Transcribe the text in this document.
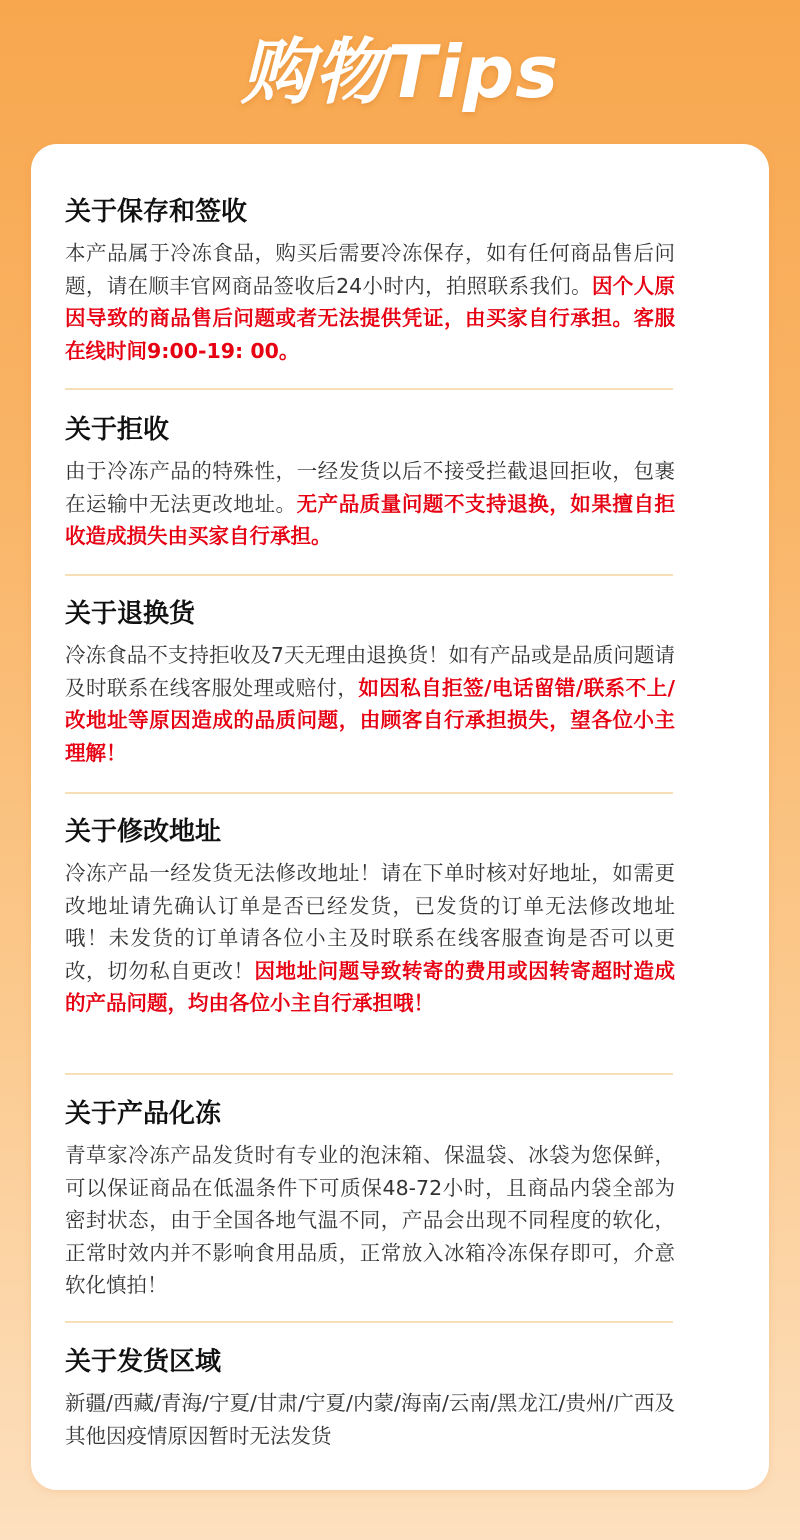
购物Tips
关于保存和签收
本产品属于冷冻食品，购买后需要冷冻保存，如有任何商品售后问题，请在顺丰官网商品签收后24小时内，拍照联系我们。因个人原因导致的商品售后问题或者无法提供凭证，由买家自行承担。客服在线时间9:00-19: 00。
关于拒收
由于冷冻产品的特殊性，一经发货以后不接受拦截退回拒收，包裹在运输中无法更改地址。无产品质量问题不支持退换，如果擅自拒收造成损失由买家自行承担。
关于退换货
冷冻食品不支持拒收及7天无理由退换货！如有产品或是品质问题请及时联系在线客服处理或赔付，如因私自拒签/电话留错/联系不上/改地址等原因造成的品质问题，由顾客自行承担损失，望各位小主理解！
关于修改地址
冷冻产品一经发货无法修改地址！请在下单时核对好地址，如需更改地址请先确认订单是否已经发货，已发货的订单无法修改地址哦！未发货的订单请各位小主及时联系在线客服查询是否可以更改，切勿私自更改！因地址问题导致转寄的费用或因转寄超时造成的产品问题，均由各位小主自行承担哦！
关于产品化冻
青草家冷冻产品发货时有专业的泡沫箱、保温袋、冰袋为您保鲜，可以保证商品在低温条件下可质保48-72小时，且商品内袋全部为密封状态，由于全国各地气温不同，产品会出现不同程度的软化，正常时效内并不影响食用品质，正常放入冰箱冷冻保存即可，介意软化慎拍！
关于发货区域
新疆/西藏/青海/宁夏/甘肃/宁夏/内蒙/海南/云南/黑龙江/贵州/广西及其他因疫情原因暂时无法发货
